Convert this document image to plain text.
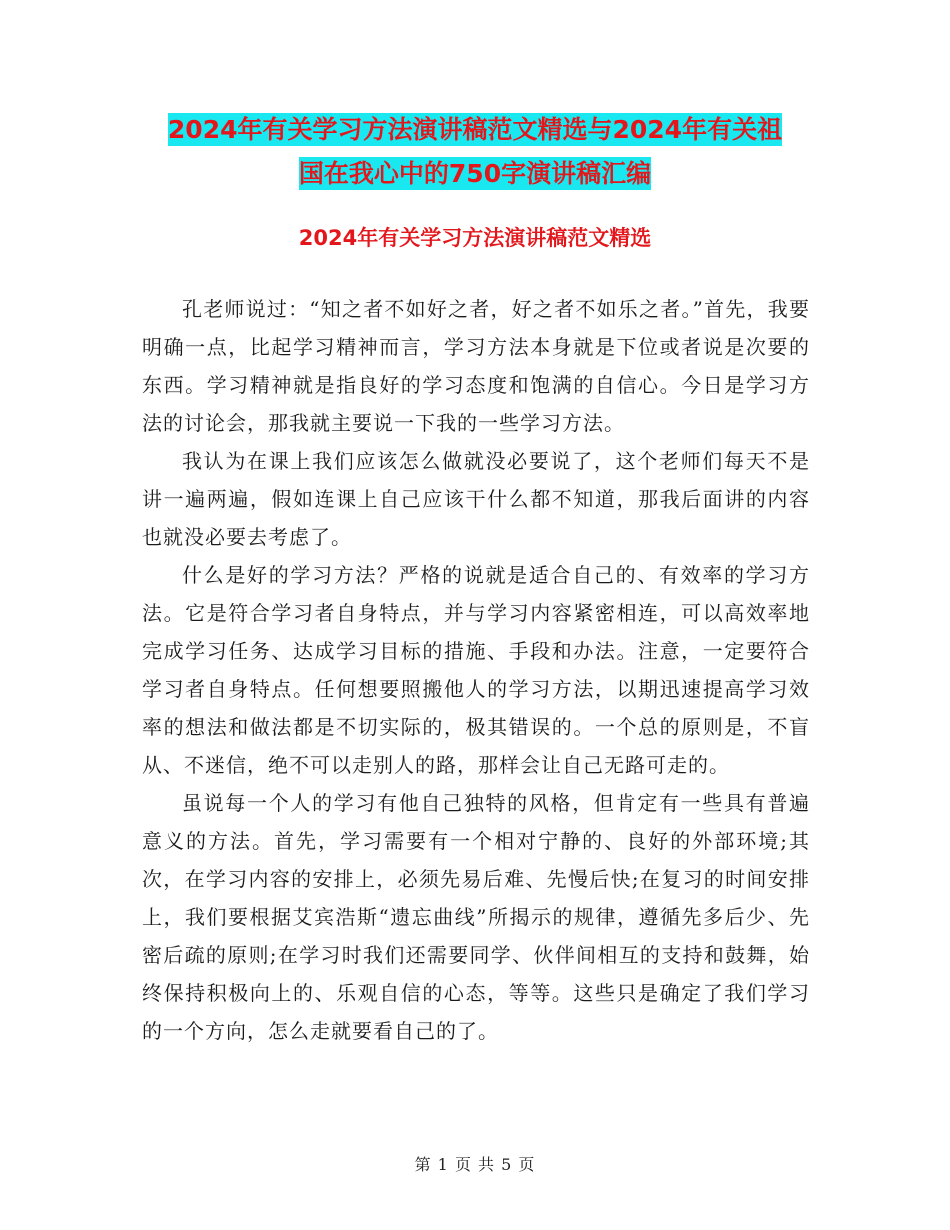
2024年有关学习方法演讲稿范文精选与2024年有关祖
国在我心中的750字演讲稿汇编
2024年有关学习方法演讲稿范文精选

孔老师说过：“知之者不如好之者，好之者不如乐之者。”首先，我要明确一点，比起学习精神而言，学习方法本身就是下位或者说是次要的东西。学习精神就是指良好的学习态度和饱满的自信心。今日是学习方法的讨论会，那我就主要说一下我的一些学习方法。

我认为在课上我们应该怎么做就没必要说了，这个老师们每天不是讲一遍两遍，假如连课上自己应该干什么都不知道，那我后面讲的内容也就没必要去考虑了。

什么是好的学习方法？严格的说就是适合自己的、有效率的学习方法。它是符合学习者自身特点，并与学习内容紧密相连，可以高效率地完成学习任务、达成学习目标的措施、手段和办法。注意，一定要符合学习者自身特点。任何想要照搬他人的学习方法，以期迅速提高学习效率的想法和做法都是不切实际的，极其错误的。一个总的原则是，不盲从、不迷信，绝不可以走别人的路，那样会让自己无路可走的。

虽说每一个人的学习有他自己独特的风格，但肯定有一些具有普遍意义的方法。首先，学习需要有一个相对宁静的、良好的外部环境;其次，在学习内容的安排上，必须先易后难、先慢后快;在复习的时间安排上，我们要根据艾宾浩斯“遗忘曲线”所揭示的规律，遵循先多后少、先密后疏的原则;在学习时我们还需要同学、伙伴间相互的支持和鼓舞，始终保持积极向上的、乐观自信的心态，等等。这些只是确定了我们学习的一个方向，怎么走就要看自己的了。

第 1 页 共 5 页
